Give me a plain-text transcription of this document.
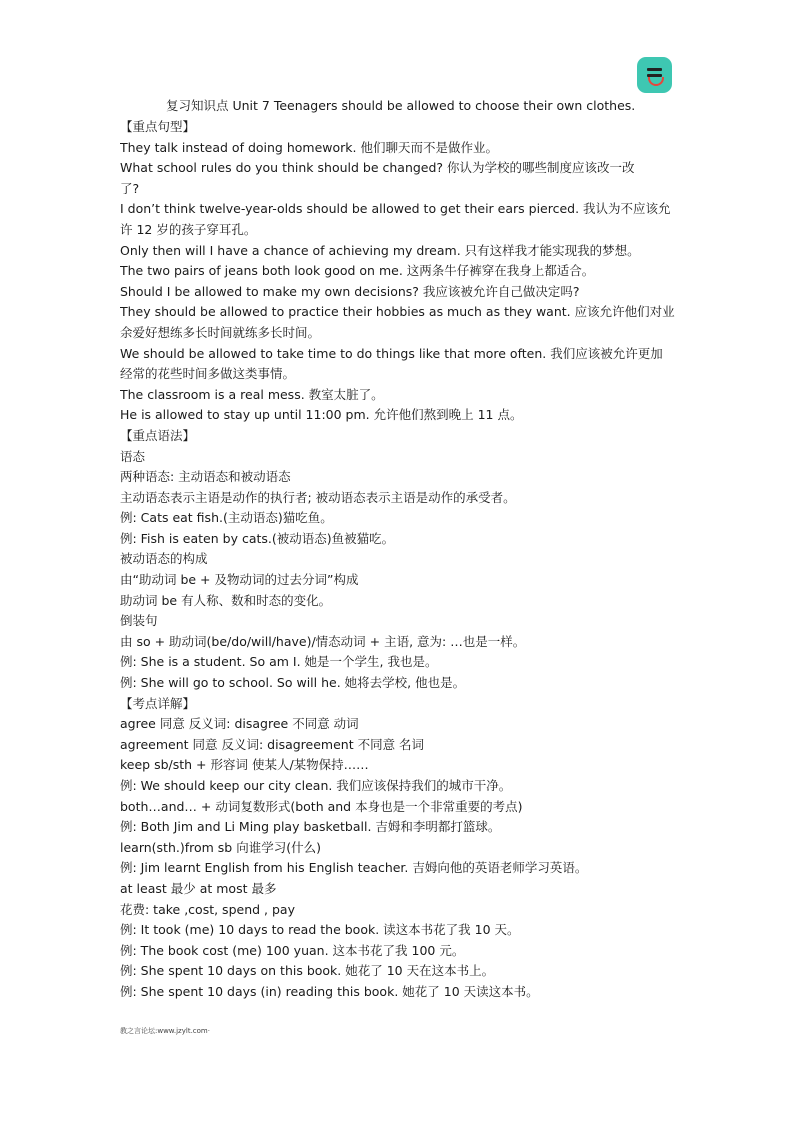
复习知识点 Unit 7 Teenagers should be allowed to choose their own clothes.
【重点句型】
They talk instead of doing homework. 他们聊天而不是做作业。
What school rules do you think should be changed? 你认为学校的哪些制度应该改一改
了?
I don’t think twelve-year-olds should be allowed to get their ears pierced. 我认为不应该允
许 12 岁的孩子穿耳孔。
Only then will I have a chance of achieving my dream. 只有这样我才能实现我的梦想。
The two pairs of jeans both look good on me. 这两条牛仔裤穿在我身上都适合。
Should I be allowed to make my own decisions? 我应该被允许自己做决定吗?
They should be allowed to practice their hobbies as much as they want. 应该允许他们对业
余爱好想练多长时间就练多长时间。
We should be allowed to take time to do things like that more often. 我们应该被允许更加
经常的花些时间多做这类事情。
The classroom is a real mess. 教室太脏了。
He is allowed to stay up until 11:00 pm. 允许他们熬到晚上 11 点。
【重点语法】
语态
两种语态: 主动语态和被动语态
主动语态表示主语是动作的执行者; 被动语态表示主语是动作的承受者。
例: Cats eat fish.(主动语态)猫吃鱼。
例: Fish is eaten by cats.(被动语态)鱼被猫吃。
被动语态的构成
由“助动词 be + 及物动词的过去分词”构成
助动词 be 有人称、数和时态的变化。
倒装句
由 so + 助动词(be/do/will/have)/情态动词 + 主语, 意为: …也是一样。
例: She is a student. So am I. 她是一个学生, 我也是。
例: She will go to school. So will he. 她将去学校, 他也是。
【考点详解】
agree 同意 反义词: disagree 不同意 动词
agreement 同意 反义词: disagreement 不同意 名词
keep sb/sth + 形容词 使某人/某物保持……
例: We should keep our city clean. 我们应该保持我们的城市干净。
both…and… + 动词复数形式(both and 本身也是一个非常重要的考点)
例: Both Jim and Li Ming play basketball. 吉姆和李明都打篮球。
learn(sth.)from sb 向谁学习(什么)
例: Jim learnt English from his English teacher. 吉姆向他的英语老师学习英语。
at least 最少 at most 最多
花费: take ,cost, spend , pay
例: It took (me) 10 days to read the book. 读这本书花了我 10 天。
例: The book cost (me) 100 yuan. 这本书花了我 100 元。
例: She spent 10 days on this book. 她花了 10 天在这本书上。
例: She spent 10 days (in) reading this book. 她花了 10 天读这本书。
教之言论坛:www.jzylt.com·
